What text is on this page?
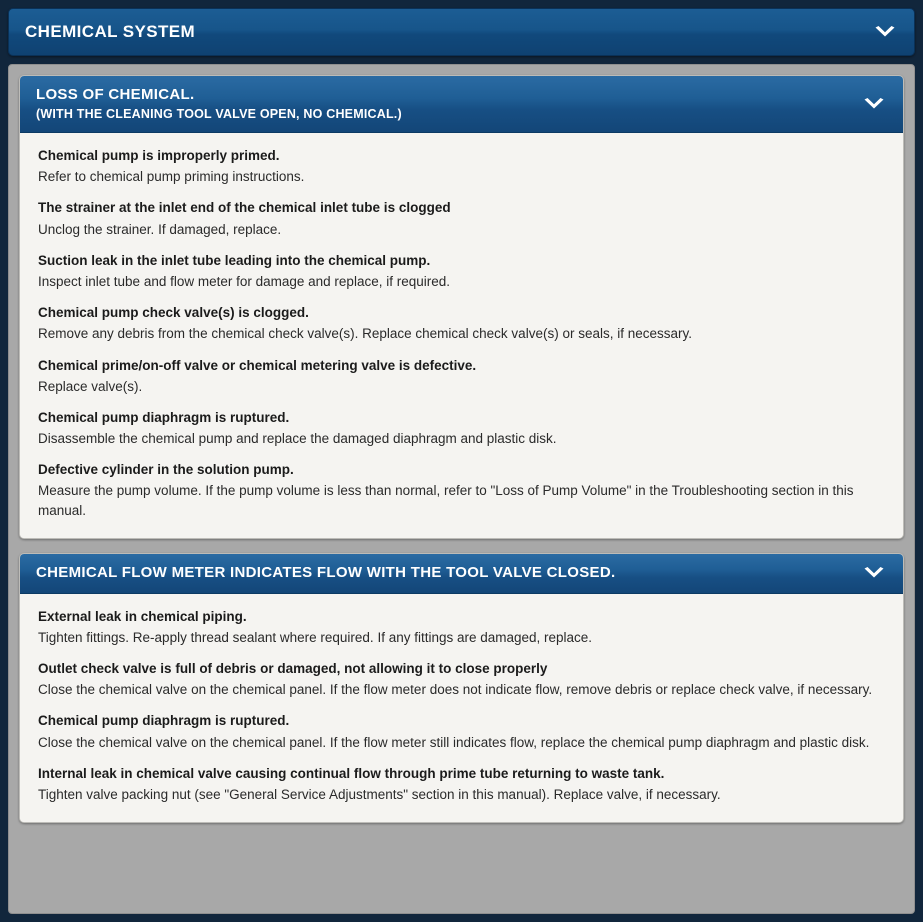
CHEMICAL SYSTEM
LOSS OF CHEMICAL.
(WITH THE CLEANING TOOL VALVE OPEN, NO CHEMICAL.)
Chemical pump is improperly primed.
Refer to chemical pump priming instructions.
The strainer at the inlet end of the chemical inlet tube is clogged
Unclog the strainer. If damaged, replace.
Suction leak in the inlet tube leading into the chemical pump.
Inspect inlet tube and flow meter for damage and replace, if required.
Chemical pump check valve(s) is clogged.
Remove any debris from the chemical check valve(s). Replace chemical check valve(s) or seals, if necessary.
Chemical prime/on-off valve or chemical metering valve is defective.
Replace valve(s).
Chemical pump diaphragm is ruptured.
Disassemble the chemical pump and replace the damaged diaphragm and plastic disk.
Defective cylinder in the solution pump.
Measure the pump volume. If the pump volume is less than normal, refer to "Loss of Pump Volume" in the Troubleshooting section in this manual.
CHEMICAL FLOW METER INDICATES FLOW WITH THE TOOL VALVE CLOSED.
External leak in chemical piping.
Tighten fittings. Re-apply thread sealant where required. If any fittings are damaged, replace.
Outlet check valve is full of debris or damaged, not allowing it to close properly
Close the chemical valve on the chemical panel. If the flow meter does not indicate flow, remove debris or replace check valve, if necessary.
Chemical pump diaphragm is ruptured.
Close the chemical valve on the chemical panel. If the flow meter still indicates flow, replace the chemical pump diaphragm and plastic disk.
Internal leak in chemical valve causing continual flow through prime tube returning to waste tank.
Tighten valve packing nut (see "General Service Adjustments" section in this manual). Replace valve, if necessary.
